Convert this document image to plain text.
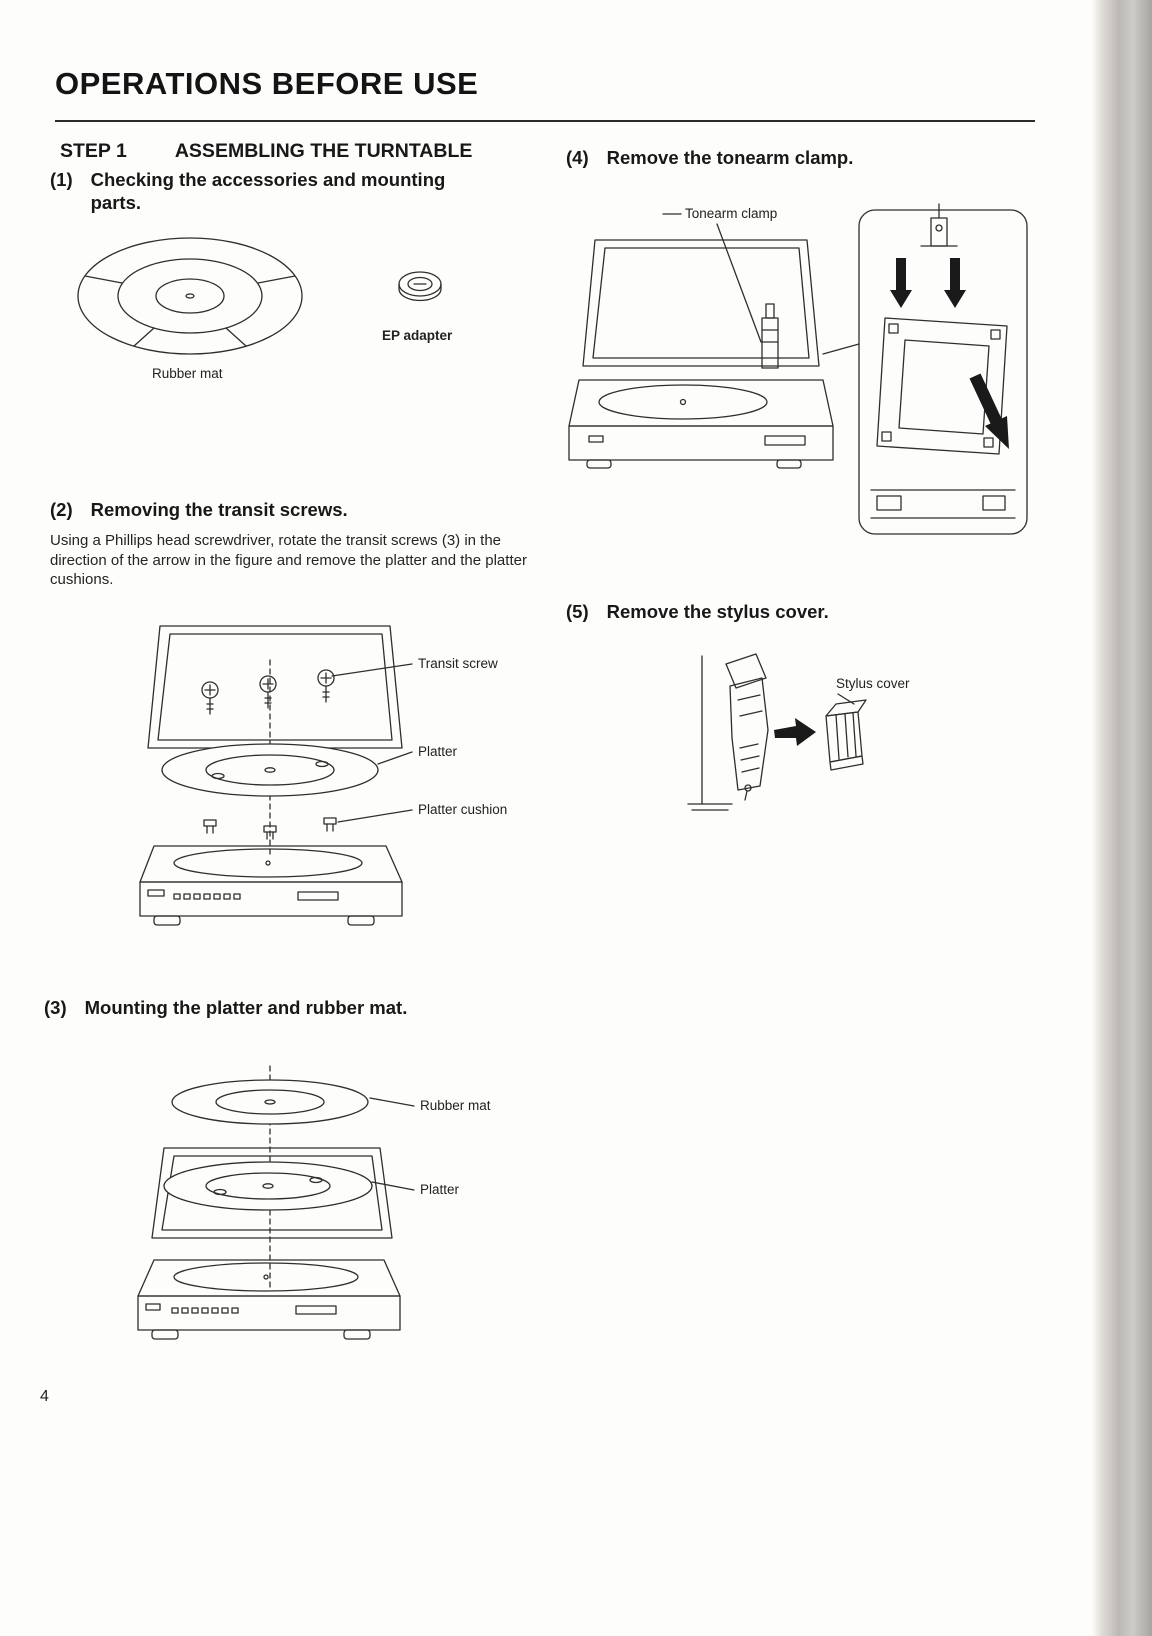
OPERATIONS BEFORE USE
STEP 1 ASSEMBLING THE TURNTABLE
(1) Checking the accessories and mounting parts.
Rubber mat
EP adapter
(2) Removing the transit screws.
Using a Phillips head screwdriver, rotate the transit screws (3) in the direction of the arrow in the figure and remove the platter and the platter cushions.
Transit screw
Platter
Platter cushion
(3) Mounting the platter and rubber mat.
Rubber mat
Platter
(4) Remove the tonearm clamp.
Tonearm clamp
(5) Remove the stylus cover.
Stylus cover
4
